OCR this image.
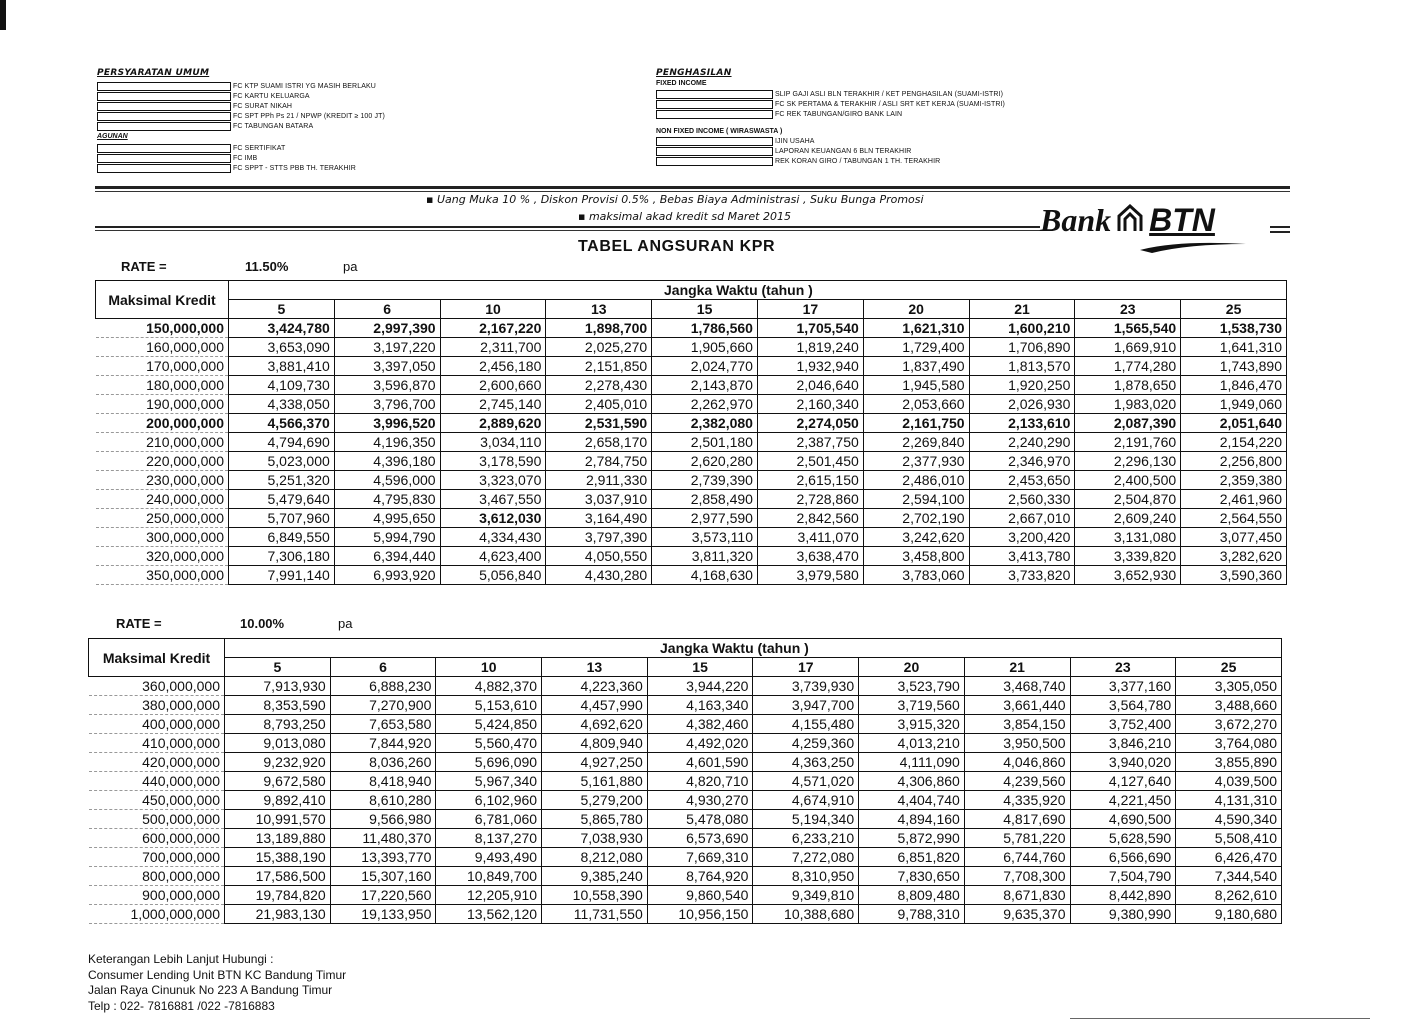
PERSYARATAN UMUM
FC KTP SUAMI ISTRI YG MASIH BERLAKU
FC KARTU KELUARGA
FC SURAT NIKAH
FC SPT PPh Ps 21 / NPWP (KREDIT ≥ 100 JT)
FC TABUNGAN BATARA
AGUNAN
FC SERTIFIKAT
FC IMB
FC SPPT - STTS PBB TH. TERAKHIR
PENGHASILAN
FIXED INCOME
SLIP GAJI ASLI BLN TERAKHIR / KET PENGHASILAN (SUAMI-ISTRI)
FC SK PERTAMA & TERAKHIR / ASLI SRT KET KERJA (SUAMI-ISTRI)
FC REK TABUNGAN/GIRO BANK LAIN
NON FIXED INCOME ( WIRASWASTA )
IJIN USAHA
LAPORAN KEUANGAN 6 BLN TERAKHIR
REK KORAN GIRO / TABUNGAN 1 TH. TERAKHIR
▪ Uang Muka 10 % , Diskon Provisi 0.5% , Bebas Biaya Administrasi , Suku Bunga Promosi
▪ maksimal akad kredit sd Maret 2015	Bank BTN
TABEL ANGSURAN KPR
RATE =	11.50%	pa
Maksimal Kredit	Jangka Waktu (tahun )									
	5	6	10	13	15	17	20	21	23	25
150,000,000	3,424,780	2,997,390	2,167,220	1,898,700	1,786,560	1,705,540	1,621,310	1,600,210	1,565,540	1,538,730
160,000,000	3,653,090	3,197,220	2,311,700	2,025,270	1,905,660	1,819,240	1,729,400	1,706,890	1,669,910	1,641,310
170,000,000	3,881,410	3,397,050	2,456,180	2,151,850	2,024,770	1,932,940	1,837,490	1,813,570	1,774,280	1,743,890
180,000,000	4,109,730	3,596,870	2,600,660	2,278,430	2,143,870	2,046,640	1,945,580	1,920,250	1,878,650	1,846,470
190,000,000	4,338,050	3,796,700	2,745,140	2,405,010	2,262,970	2,160,340	2,053,660	2,026,930	1,983,020	1,949,060
200,000,000	4,566,370	3,996,520	2,889,620	2,531,590	2,382,080	2,274,050	2,161,750	2,133,610	2,087,390	2,051,640
210,000,000	4,794,690	4,196,350	3,034,110	2,658,170	2,501,180	2,387,750	2,269,840	2,240,290	2,191,760	2,154,220
220,000,000	5,023,000	4,396,180	3,178,590	2,784,750	2,620,280	2,501,450	2,377,930	2,346,970	2,296,130	2,256,800
230,000,000	5,251,320	4,596,000	3,323,070	2,911,330	2,739,390	2,615,150	2,486,010	2,453,650	2,400,500	2,359,380
240,000,000	5,479,640	4,795,830	3,467,550	3,037,910	2,858,490	2,728,860	2,594,100	2,560,330	2,504,870	2,461,960
250,000,000	5,707,960	4,995,650	3,612,030	3,164,490	2,977,590	2,842,560	2,702,190	2,667,010	2,609,240	2,564,550
300,000,000	6,849,550	5,994,790	4,334,430	3,797,390	3,573,110	3,411,070	3,242,620	3,200,420	3,131,080	3,077,450
320,000,000	7,306,180	6,394,440	4,623,400	4,050,550	3,811,320	3,638,470	3,458,800	3,413,780	3,339,820	3,282,620
350,000,000	7,991,140	6,993,920	5,056,840	4,430,280	4,168,630	3,979,580	3,783,060	3,733,820	3,652,930	3,590,360
RATE =	10.00%	pa
Maksimal Kredit	Jangka Waktu (tahun )									
	5	6	10	13	15	17	20	21	23	25
360,000,000	7,913,930	6,888,230	4,882,370	4,223,360	3,944,220	3,739,930	3,523,790	3,468,740	3,377,160	3,305,050
380,000,000	8,353,590	7,270,900	5,153,610	4,457,990	4,163,340	3,947,700	3,719,560	3,661,440	3,564,780	3,488,660
400,000,000	8,793,250	7,653,580	5,424,850	4,692,620	4,382,460	4,155,480	3,915,320	3,854,150	3,752,400	3,672,270
410,000,000	9,013,080	7,844,920	5,560,470	4,809,940	4,492,020	4,259,360	4,013,210	3,950,500	3,846,210	3,764,080
420,000,000	9,232,920	8,036,260	5,696,090	4,927,250	4,601,590	4,363,250	4,111,090	4,046,860	3,940,020	3,855,890
440,000,000	9,672,580	8,418,940	5,967,340	5,161,880	4,820,710	4,571,020	4,306,860	4,239,560	4,127,640	4,039,500
450,000,000	9,892,410	8,610,280	6,102,960	5,279,200	4,930,270	4,674,910	4,404,740	4,335,920	4,221,450	4,131,310
500,000,000	10,991,570	9,566,980	6,781,060	5,865,780	5,478,080	5,194,340	4,894,160	4,817,690	4,690,500	4,590,340
600,000,000	13,189,880	11,480,370	8,137,270	7,038,930	6,573,690	6,233,210	5,872,990	5,781,220	5,628,590	5,508,410
700,000,000	15,388,190	13,393,770	9,493,490	8,212,080	7,669,310	7,272,080	6,851,820	6,744,760	6,566,690	6,426,470
800,000,000	17,586,500	15,307,160	10,849,700	9,385,240	8,764,920	8,310,950	7,830,650	7,708,300	7,504,790	7,344,540
900,000,000	19,784,820	17,220,560	12,205,910	10,558,390	9,860,540	9,349,810	8,809,480	8,671,830	8,442,890	8,262,610
1,000,000,000	21,983,130	19,133,950	13,562,120	11,731,550	10,956,150	10,388,680	9,788,310	9,635,370	9,380,990	9,180,680
Keterangan Lebih Lanjut Hubungi :
Consumer Lending Unit BTN KC Bandung Timur
Jalan Raya Cinunuk No 223 A Bandung Timur
Telp : 022- 7816881 /022 -7816883
